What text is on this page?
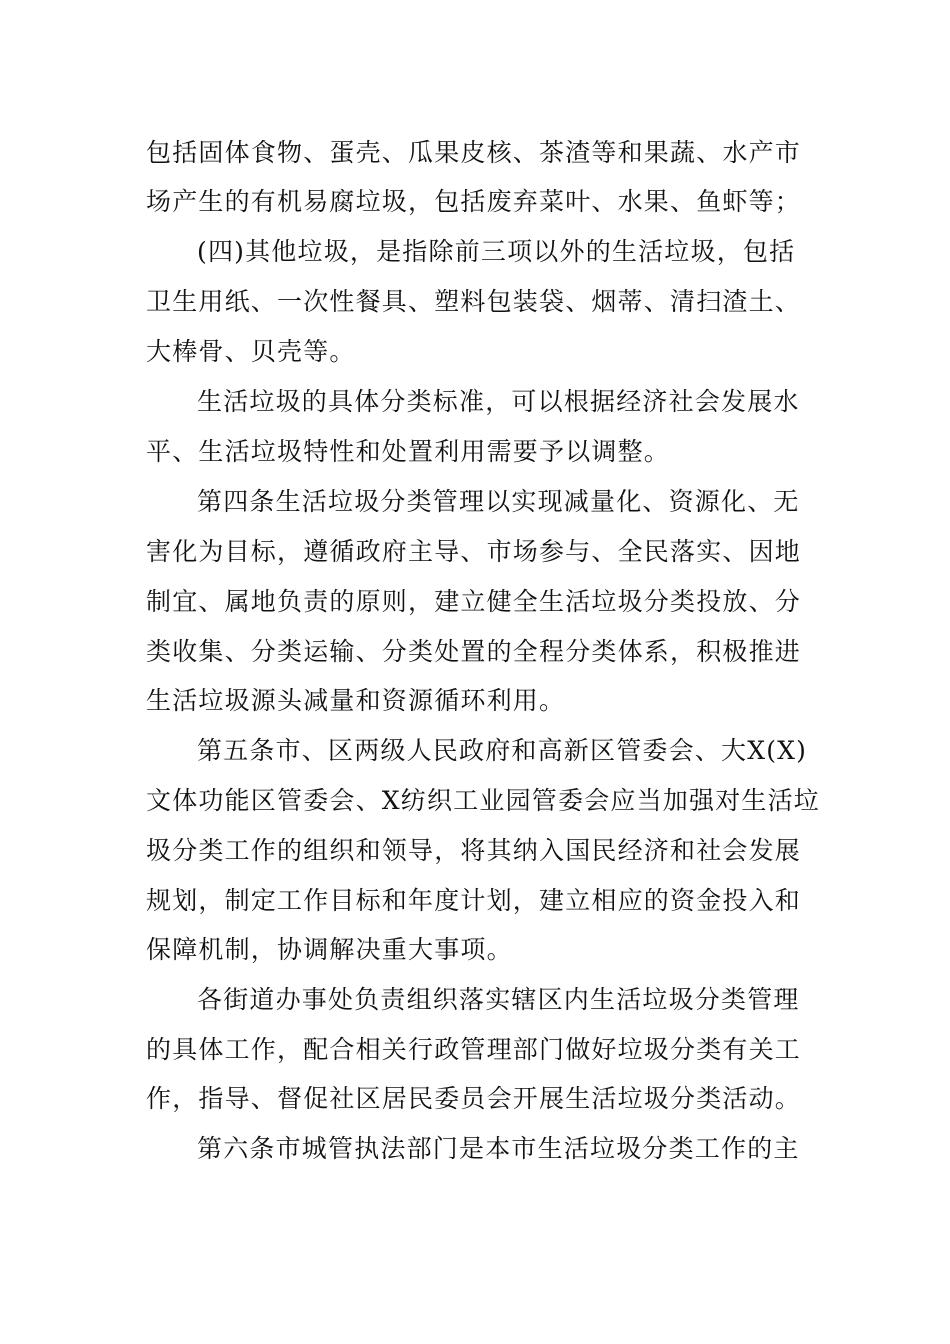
包括固体食物、蛋壳、瓜果皮核、茶渣等和果蔬、水产市
场产生的有机易腐垃圾，包括废弃菜叶、水果、鱼虾等；
(四)其他垃圾，是指除前三项以外的生活垃圾，包括
卫生用纸、一次性餐具、塑料包装袋、烟蒂、清扫渣土、
大棒骨、贝壳等。
生活垃圾的具体分类标准，可以根据经济社会发展水
平、生活垃圾特性和处置利用需要予以调整。
第四条生活垃圾分类管理以实现减量化、资源化、无
害化为目标，遵循政府主导、市场参与、全民落实、因地
制宜、属地负责的原则，建立健全生活垃圾分类投放、分
类收集、分类运输、分类处置的全程分类体系，积极推进
生活垃圾源头减量和资源循环利用。
第五条市、区两级人民政府和高新区管委会、大X(X)
文体功能区管委会、X纺织工业园管委会应当加强对生活垃
圾分类工作的组织和领导，将其纳入国民经济和社会发展
规划，制定工作目标和年度计划，建立相应的资金投入和
保障机制，协调解决重大事项。
各街道办事处负责组织落实辖区内生活垃圾分类管理
的具体工作，配合相关行政管理部门做好垃圾分类有关工
作，指导、督促社区居民委员会开展生活垃圾分类活动。
第六条市城管执法部门是本市生活垃圾分类工作的主
